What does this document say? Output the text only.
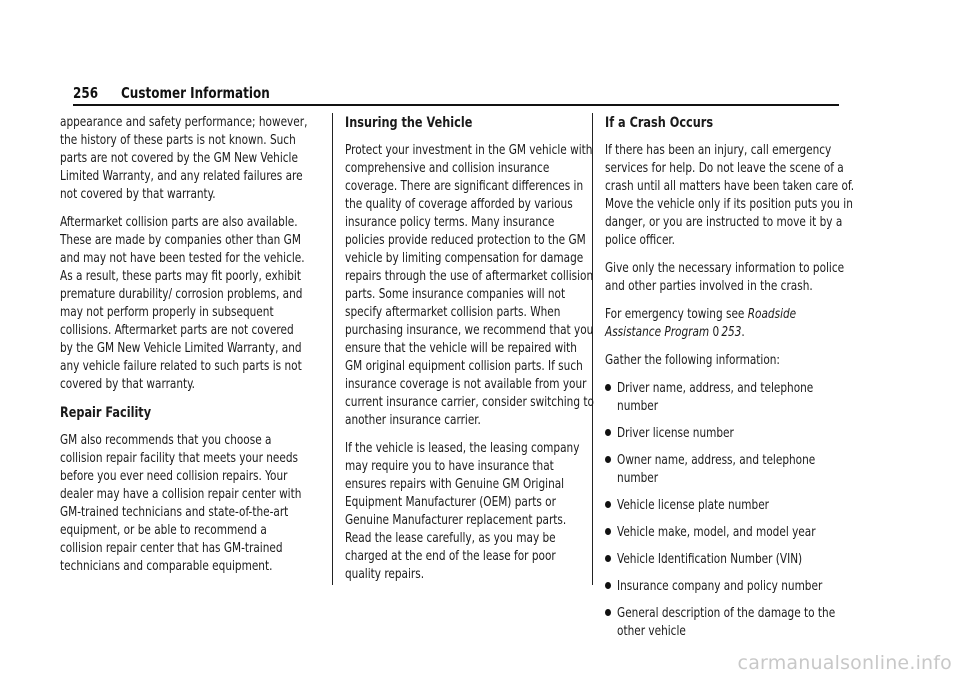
256 Customer Information

appearance and safety performance; however, the history of these parts is not known. Such parts are not covered by the GM New Vehicle Limited Warranty, and any related failures are not covered by that warranty.

Aftermarket collision parts are also available. These are made by companies other than GM and may not have been tested for the vehicle. As a result, these parts may fit poorly, exhibit premature durability/ corrosion problems, and may not perform properly in subsequent collisions. Aftermarket parts are not covered by the GM New Vehicle Limited Warranty, and any vehicle failure related to such parts is not covered by that warranty.

Repair Facility

GM also recommends that you choose a collision repair facility that meets your needs before you ever need collision repairs. Your dealer may have a collision repair center with GM-trained technicians and state-of-the-art equipment, or be able to recommend a collision repair center that has GM-trained technicians and comparable equipment.

Insuring the Vehicle

Protect your investment in the GM vehicle with comprehensive and collision insurance coverage. There are significant differences in the quality of coverage afforded by various insurance policy terms. Many insurance policies provide reduced protection to the GM vehicle by limiting compensation for damage repairs through the use of aftermarket collision parts. Some insurance companies will not specify aftermarket collision parts. When purchasing insurance, we recommend that you ensure that the vehicle will be repaired with GM original equipment collision parts. If such insurance coverage is not available from your current insurance carrier, consider switching to another insurance carrier.

If the vehicle is leased, the leasing company may require you to have insurance that ensures repairs with Genuine GM Original Equipment Manufacturer (OEM) parts or Genuine Manufacturer replacement parts. Read the lease carefully, as you may be charged at the end of the lease for poor quality repairs.

If a Crash Occurs

If there has been an injury, call emergency services for help. Do not leave the scene of a crash until all matters have been taken care of. Move the vehicle only if its position puts you in danger, or you are instructed to move it by a police officer.

Give only the necessary information to police and other parties involved in the crash.

For emergency towing see Roadside Assistance Program 0  253.

Gather the following information:

Driver name, address, and telephone number
Driver license number
Owner name, address, and telephone number
Vehicle license plate number
Vehicle make, model, and model year
Vehicle Identification Number (VIN)
Insurance company and policy number
General description of the damage to the other vehicle
carmanualsonline.info
